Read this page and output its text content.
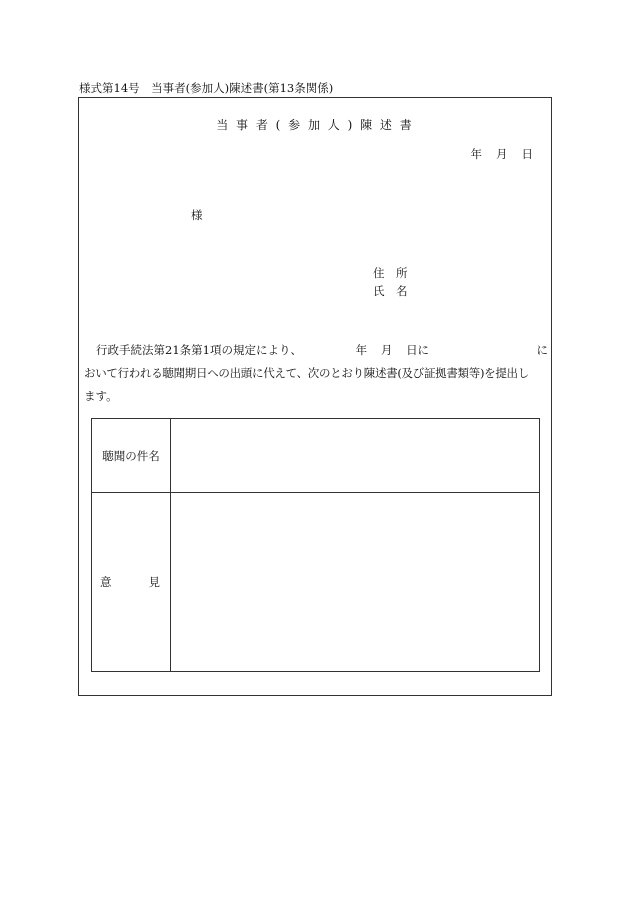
様式第14号　当事者(参加人)陳述書(第13条関係)
当 事 者 ( 参 加 人 ) 陳 述 書
年 月 日
様
住　所
氏　名
行政手続法第21条第1項の規定により、	年 月 日に	に
おいて行われる聴聞期日への出頭に代えて、次のとおり陳述書(及び証拠書類等)を提出し
ます。
聴聞の件名	

意 見	
